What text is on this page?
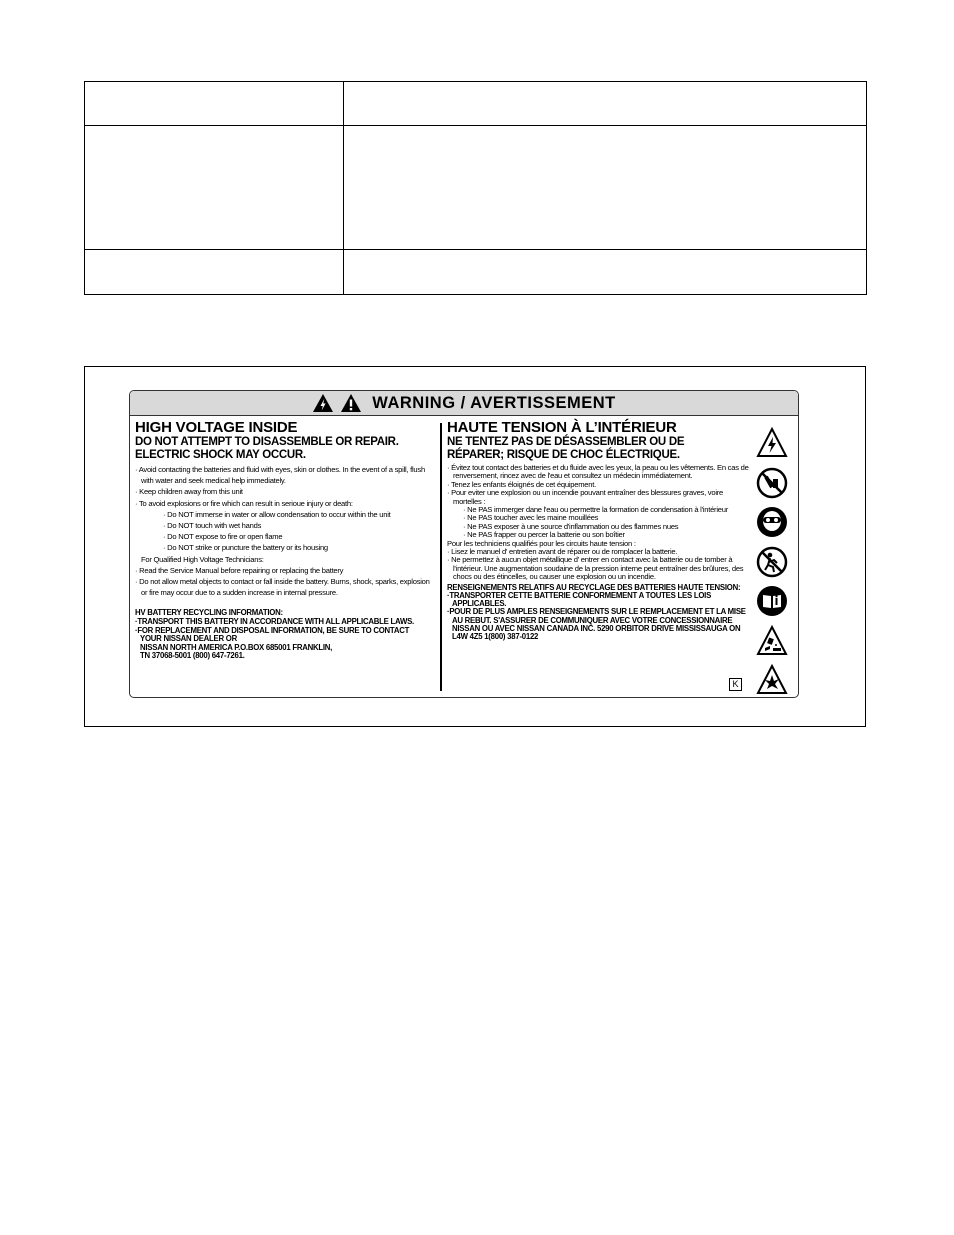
WARNING / AVERTISSEMENT
HIGH VOLTAGE INSIDE
DO NOT ATTEMPT TO DISASSEMBLE OR REPAIR.
ELECTRIC SHOCK MAY OCCUR.
· Avoid contacting the batteries and fluid with eyes, skin or clothes. In the event of a spill, flush with water and seek medical help immediately.
· Keep children away from this unit
· To avoid explosions or fire which can result in serioue injury or death:
· Do NOT immerse in water or allow condensation to occur within the unit
· Do NOT touch with wet hands
· Do NOT expose to fire or open flame
· Do NOT strike or puncture the battery or its housing
For Qualified High Voltage Technicians:
· Read the Service Manual before repairing or replacing the battery
· Do not allow metal objects to contact or fall inside the battery. Burns, shock, sparks, explosion or fire may occur due to a sudden increase in internal pressure.
HV BATTERY RECYCLING INFORMATION:
·TRANSPORT THIS BATTERY IN ACCORDANCE WITH ALL APPLICABLE LAWS.
·FOR REPLACEMENT AND DISPOSAL INFORMATION, BE SURE TO CONTACT
YOUR NISSAN DEALER OR
NISSAN NORTH AMERICA P.O.BOX 685001 FRANKLIN,
TN 37068-5001 (800) 647-7261.
HAUTE TENSION À L’INTÉRIEUR
NE TENTEZ PAS DE DÉSASSEMBLER OU DE
RÉPARER; RISQUE DE CHOC ÉLECTRIQUE.
· Évitez tout contact des batteries et du fluide avec les yeux, la peau ou les vêtements. En cas de renversement, rincez avec de l'eau et consultez un médecin immédiatement.
· Tenez les enfants éloignés de cet équipement.
· Pour eviter une explosion ou un incendie pouvant entraîner des blessures graves, voire mortelles :
· Ne PAS immerger dane l'eau ou permettre la formation de condensation à l'intérieur
· Ne PAS toucher avec les maine mouillées
· Ne PAS exposer à une source d'inflammation ou des flammes nues
· Ne PAS frapper ou percer la batterie ou son boîtier
Pour les techniciens qualifiés pour les circuits haute tension :
· Lisez le manuel d' entretien avant de réparer ou de romplacer la batterie.
· Ne permettez à aucun objet métallique d' entrer en contact avec la batterie ou de tomber à l'intérieur. Une augmentation soudaine de la pression interne peut entraîner des brûlures, des chocs ou des étincelles, ou causer une explosion ou un incendie.
RENSEIGNEMENTS RELATIFS AU RECYCLAGE DES BATTERIES HAUTE TENSION:
·TRANSPORTER CETTE BATTERIE CONFORMEMENT A TOUTES LES LOIS APPLICABLES.
·POUR DE PLUS AMPLES RENSEIGNEMENTS SUR LE REMPLACEMENT ET LA MISE AU REBUT. S'ASSURER DE COMMUNIQUER AVEC VOTRE CONCESSIONNAIRE NISSAN OU AVEC NISSAN CANADA INC. 5290 ORBITOR DRIVE MISSISSAUGA ON L4W 4Z5 1(800) 387-0122
K
